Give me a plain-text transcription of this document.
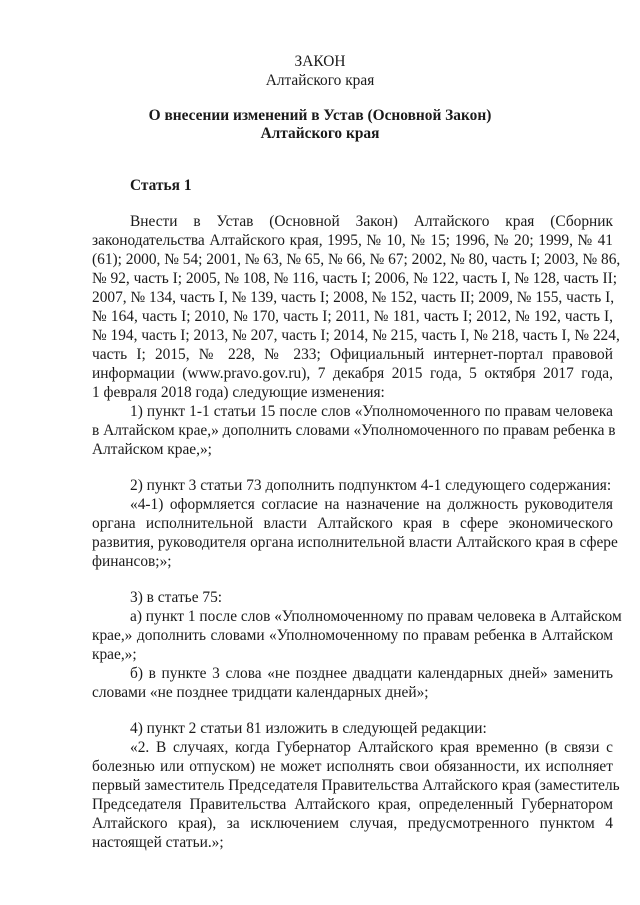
ЗАКОН
Алтайского края
О внесении изменений в Устав (Основной Закон)
Алтайского края
Статья 1
Внести в Устав (Основной Закон) Алтайского края (Сборник
законодательства Алтайского края, 1995, № 10, № 15; 1996, № 20; 1999, № 41
(61); 2000, № 54; 2001, № 63, № 65, № 66, № 67; 2002, № 80, часть I; 2003, № 86,
№ 92, часть I; 2005, № 108, № 116, часть I; 2006, № 122, часть I, № 128, часть II;
2007, № 134, часть I, № 139, часть I; 2008, № 152, часть II; 2009, № 155, часть I,
№ 164, часть I; 2010, № 170, часть I; 2011, № 181, часть I; 2012, № 192, часть I,
№ 194, часть I; 2013, № 207, часть I; 2014, № 215, часть I, № 218, часть I, № 224,
часть I; 2015, № 228, № 233; Официальный интернет-портал правовой
информации (www.pravo.gov.ru), 7 декабря 2015 года, 5 октября 2017 года,
1 февраля 2018 года) следующие изменения:
1) пункт 1-1 статьи 15 после слов «Уполномоченного по правам человека
в Алтайском крае,» дополнить словами «Уполномоченного по правам ребенка в
Алтайском крае,»;
2) пункт 3 статьи 73 дополнить подпунктом 4-1 следующего содержания:
«4-1) оформляется согласие на назначение на должность руководителя
органа исполнительной власти Алтайского края в сфере экономического
развития, руководителя органа исполнительной власти Алтайского края в сфере
финансов;»;
3) в статье 75:
а) пункт 1 после слов «Уполномоченному по правам человека в Алтайском
крае,» дополнить словами «Уполномоченному по правам ребенка в Алтайском
крае,»;
б) в пункте 3 слова «не позднее двадцати календарных дней» заменить
словами «не позднее тридцати календарных дней»;
4) пункт 2 статьи 81 изложить в следующей редакции:
«2. В случаях, когда Губернатор Алтайского края временно (в связи с
болезнью или отпуском) не может исполнять свои обязанности, их исполняет
первый заместитель Председателя Правительства Алтайского края (заместитель
Председателя Правительства Алтайского края, определенный Губернатором
Алтайского края), за исключением случая, предусмотренного пунктом 4
настоящей статьи.»;
